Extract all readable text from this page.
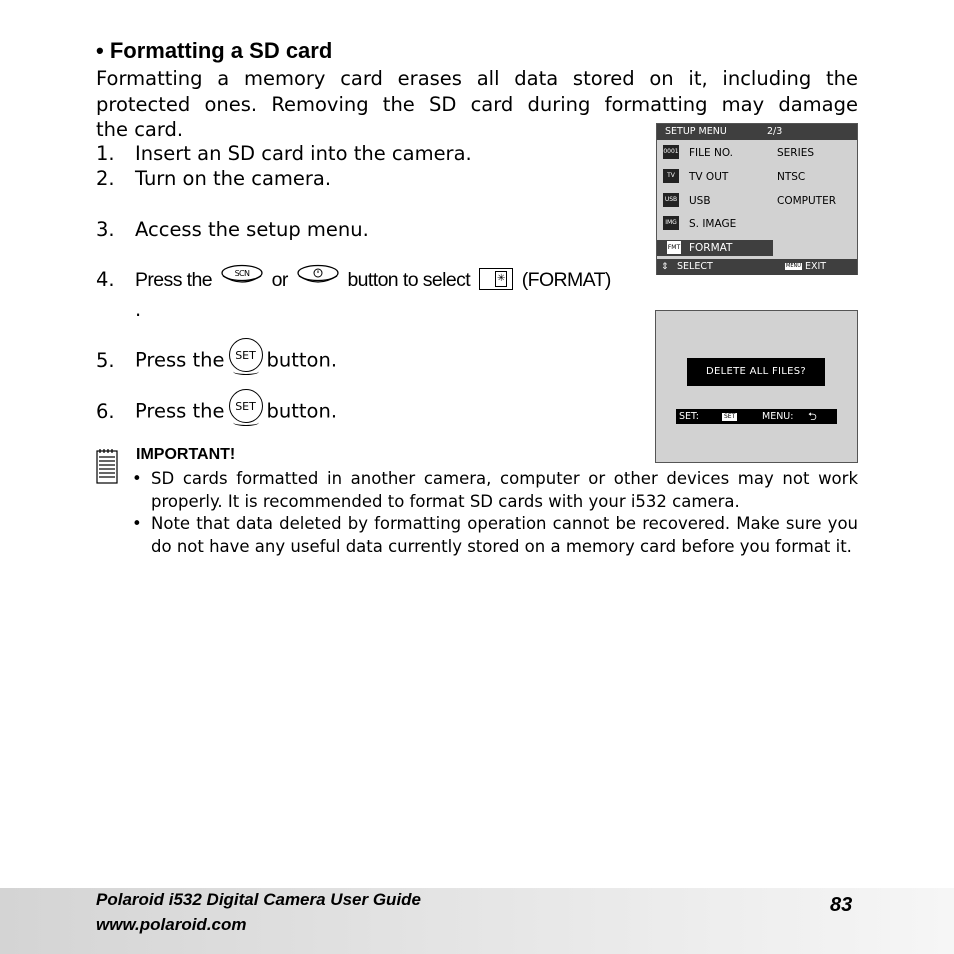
• Formatting a SD card
Formatting a memory card erases all data stored on it, including the
protected ones. Removing the SD card during formatting may damage
the card.
1. Insert an SD card into the camera.
2. Turn on the camera.
3. Access the setup menu.
4. Press the	SCN or	button to select	✳ (FORMAT)
.
5. Press the SET button.
6. Press the SET button.
IMPORTANT!
• SD cards formatted in another camera, computer or other devices may not work properly. It is recommended to format SD cards with your i532 camera.
• Note that data deleted by formatting operation cannot be recovered. Make sure you do not have any useful data currently stored on a memory card before you format it.
SETUP MENU	2/3
0001 FILE NO.	SERIES
TV	TV OUT	NTSC
USB USB	COMPUTER
IMG S. IMAGE
FMT FORMAT
⇕ SELECT	MENU EXIT
DELETE ALL FILES?
SET:	SET	MENU: ⮌
Polaroid i532 Digital Camera User Guide
www.polaroid.com
83
